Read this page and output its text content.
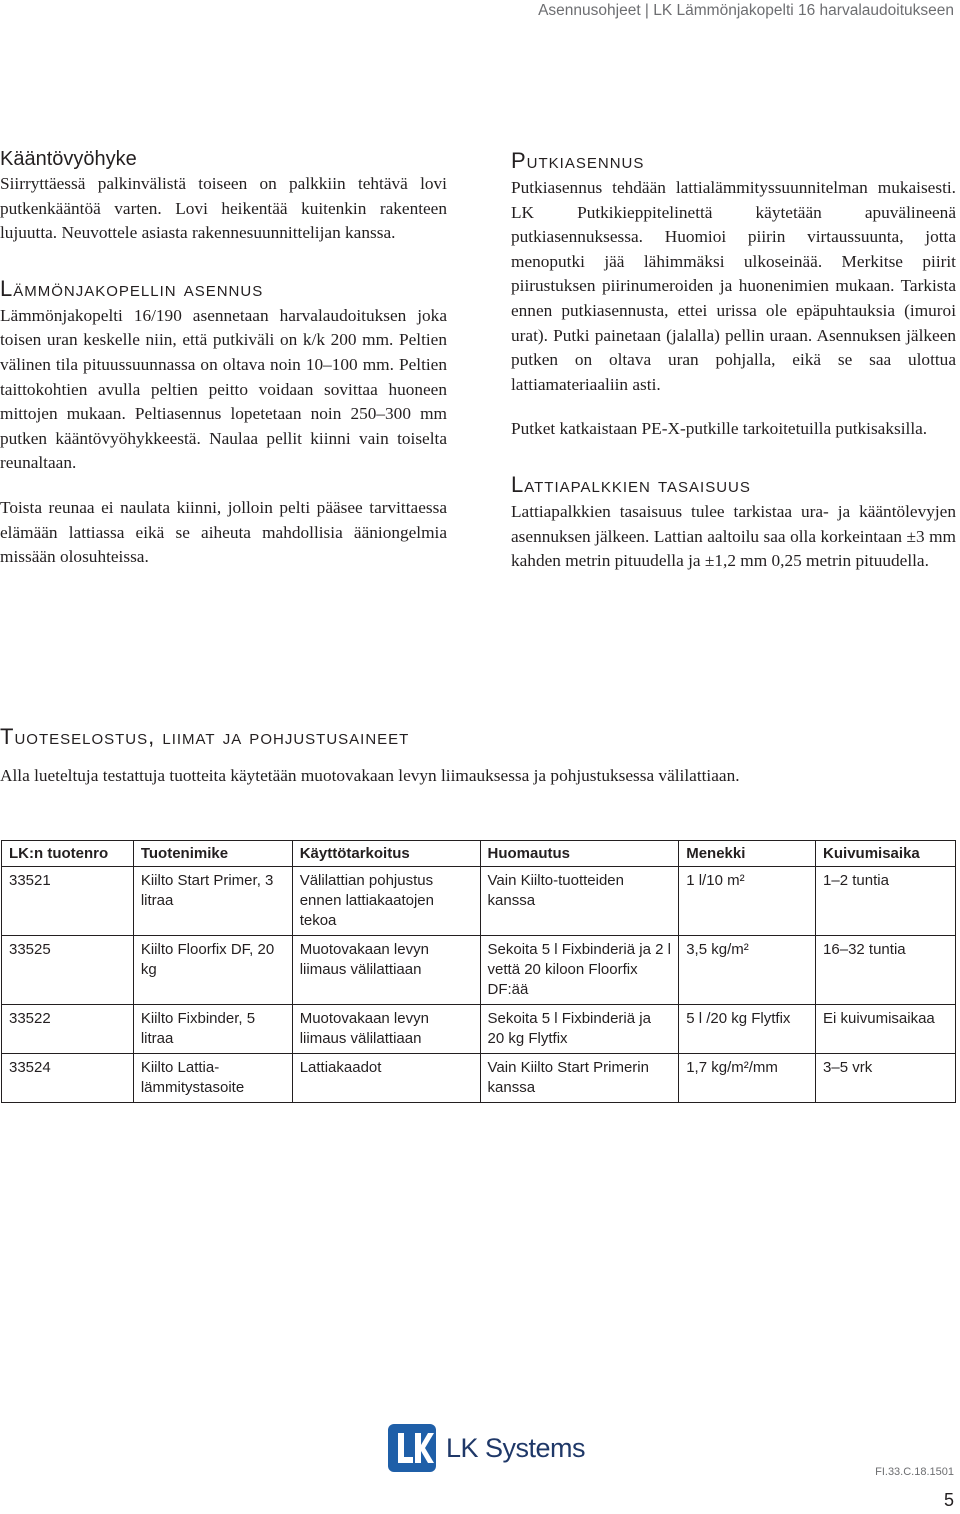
Asennusohjeet | LK Lämmönjakopelti 16 harvalaudoitukseen
Kääntövyöhyke

Siirryttäessä palkinvälistä toiseen on palkkiin tehtävä lovi putkenkääntöä varten. Lovi heikentää kuitenkin rakenteen lujuutta. Neuvottele asiasta rakennesuunnittelijan kanssa.

Lämmönjakopellin asennus

Lämmönjakopelti 16/190 asennetaan harvalaudoituksen joka toisen uran keskelle niin, että putkiväli on k/k 200 mm. Peltien välinen tila pituussuunnassa on oltava noin 10–100 mm. Peltien taittokohtien avulla peltien peitto voidaan sovittaa huoneen mittojen mukaan. Peltiasennus lopetetaan noin 250–300 mm putken kääntövyöhykkeestä. Naulaa pellit kiinni vain toiselta reunaltaan.

Toista reunaa ei naulata kiinni, jolloin pelti pääsee tarvittaessa elämään lattiassa eikä se aiheuta mahdollisia ääniongelmia missään olosuhteissa.

Putkiasennus

Putkiasennus tehdään lattialämmityssuunnitelman mukaisesti. LK Putkikieppitelinettä käytetään apuvälineenä putkiasennuksessa. Huomioi piirin virtaussuunta, jotta menoputki jää lähimmäksi ulkoseinää. Merkitse piirit piirustuksen piirinumeroiden ja huonenimien mukaan. Tarkista ennen putkiasennusta, ettei urissa ole epäpuhtauksia (imuroi urat). Putki painetaan (jalalla) pellin uraan. Asennuksen jälkeen putken on oltava uran pohjalla, eikä se saa ulottua lattiamateriaaliin asti.

Putket katkaistaan PE-X-putkille tarkoitetuilla putkisaksilla.

Lattiapalkkien tasaisuus

Lattiapalkkien tasaisuus tulee tarkistaa ura- ja kääntölevyjen asennuksen jälkeen. Lattian aaltoilu saa olla korkeintaan ±3 mm kahden metrin pituudella ja ±1,2 mm 0,25 metrin pituudella.

Tuoteselostus, liimat ja pohjustusaineet

Alla lueteltuja testattuja tuotteita käytetään muotovakaan levyn liimauksessa ja pohjustuksessa välilattiaan.

LK:n tuotenro	Tuotenimike	Käyttötarkoitus	Huomautus	Menekki	Kuivumisaika
33521	Kiilto Start Primer, 3 litraa	Välilattian pohjustus ennen lattiakaatojen tekoa	Vain Kiilto-tuotteiden kanssa	1 l/10 m²	1–2 tuntia
33525	Kiilto Floorfix DF, 20 kg	Muotovakaan levyn liimaus välilattiaan	Sekoita 5 l Fixbinderiä ja 2 l vettä 20 kiloon Floorfix DF:ää	3,5 kg/m²	16–32 tuntia
33522	Kiilto Fixbinder, 5 litraa	Muotovakaan levyn liimaus välilattiaan	Sekoita 5 l Fixbinderiä ja 20 kg Flytfix	5 l /20 kg Flytfix	Ei kuivumisaikaa
33524	Kiilto Lattia-lämmitystasoite	Lattiakaadot	Vain Kiilto Start Primerin kanssa	1,7 kg/m²/mm	3–5 vrk
LK Systems
FI.33.C.18.1501
5
